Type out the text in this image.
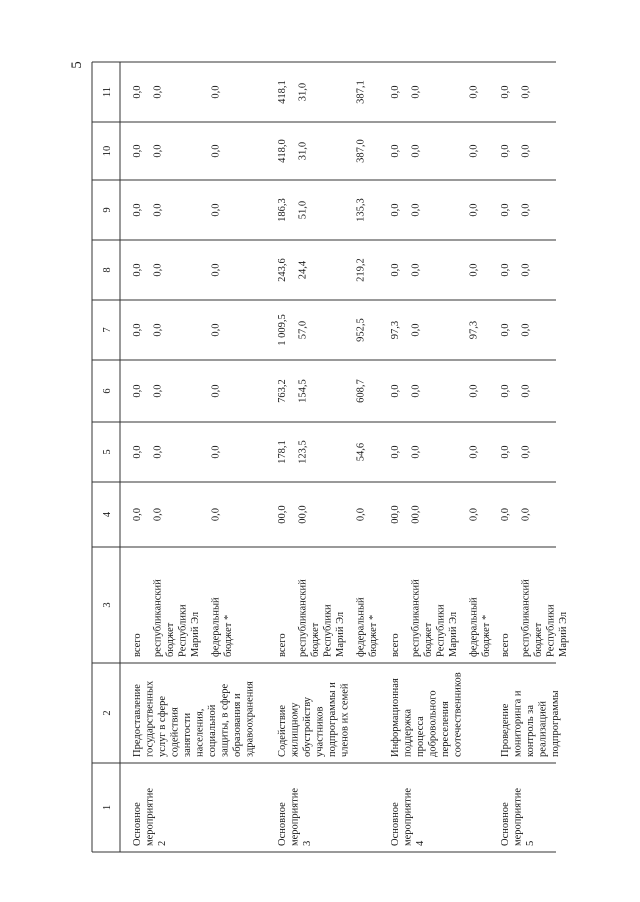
5
1
2
3
4
5
6
7
8
9
10
11
Основное мероприятие 2
Предоставление государственных услуг в сфере содействия занятости населения, социальной защиты, в сфере образования и здравоохранения
всего
0,0
0,0
0,0
0,0
0,0
0,0
0,0
0,0
республиканский бюджет Республики Марий Эл
0,0
0,0
0,0
0,0
0,0
0,0
0,0
0,0
федеральный бюджет *
0,0
0,0
0,0
0,0
0,0
0,0
0,0
0,0
Основное мероприятие 3
Содействие жилищному обустройству участников подпрограммы и членов их семей
всего
00,0
178,1
763,2
1 009,5
243,6
186,3
418,0
418,1
республиканский бюджет Республики Марий Эл
00,0
123,5
154,5
57,0
24,4
51,0
31,0
31,0
федеральный бюджет *
0,0
54,6
608,7
952,5
219,2
135,3
387,0
387,1
Основное мероприятие 4
Информационная поддержка процесса добровольного переселения соотечественников
всего
00,0
0,0
0,0
97,3
0,0
0,0
0,0
0,0
республиканский бюджет Республики Марий Эл
00,0
0,0
0,0
0,0
0,0
0,0
0,0
0,0
федеральный бюджет *
0,0
0,0
0,0
97,3
0,0
0,0
0,0
0,0
Основное мероприятие 5
Проведение мониторинга и контроль за реализацией подпрограммы
всего
0,0
0,0
0,0
0,0
0,0
0,0
0,0
0,0
республиканский бюджет Республики Марий Эл
0,0
0,0
0,0
0,0
0,0
0,0
0,0
0,0
